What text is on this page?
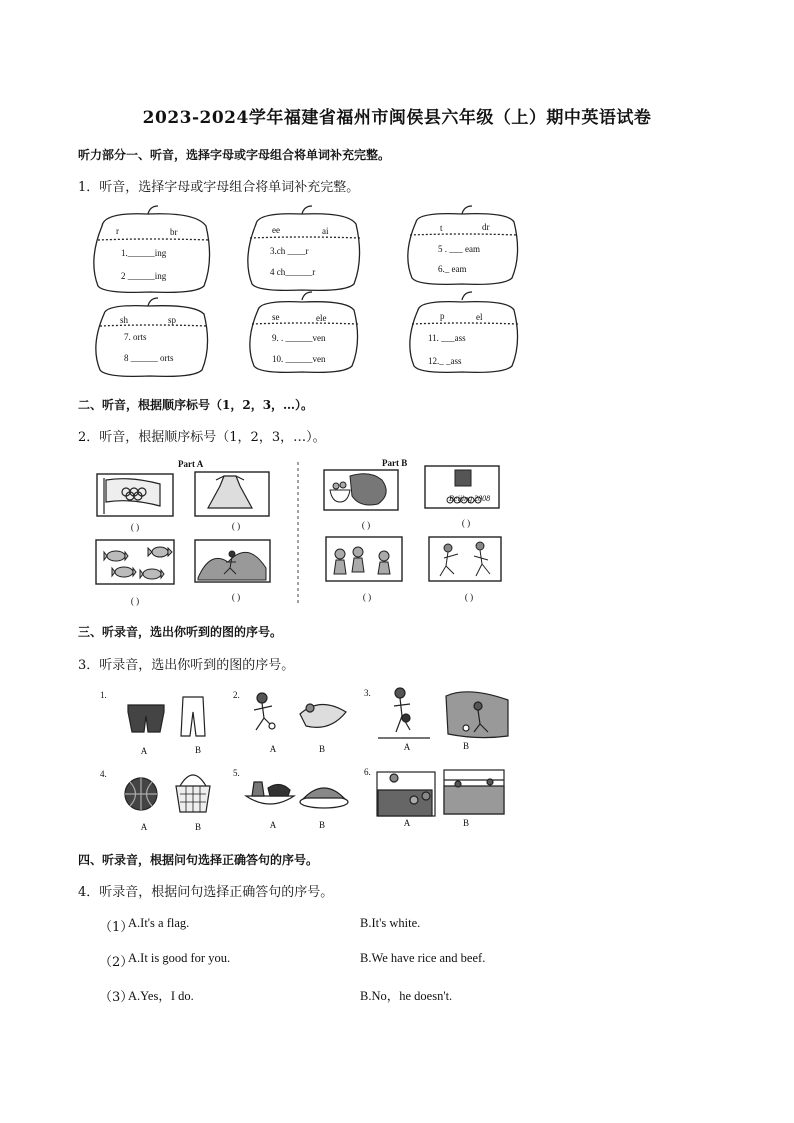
2023-2024学年福建省福州市闽侯县六年级（上）期中英语试卷
听力部分一、听音，选择字母或字母组合将单词补充完整。
1．听音，选择字母或字母组合将单词补充完整。
r	br
1.______ing
2 ______ing
ee	ai
3.ch ____r
4 ch______r
t	dr
5 . ___ eam
6._ eam
sh	sp
7. orts
8 ______ orts
se	ele
9. . ______ven
10. ______ven
p	el
11. ___ass
12._ _ass
二、听音，根据顺序标号（1，2，3，…）。
2．听音，根据顺序标号（1，2，3，…）。
Part A	Part B
Beijing 2008
( )	( )
( )	( )
( )	( )
( )	( )
三、听录音，选出你听到的图的序号。
3．听录音，选出你听到的图的序号。
1.	2.	3.
4.	5.	6.
A	B	A	B	A	B
A	B	A	B	A	B
四、听录音，根据问句选择正确答句的序号。
4．听录音，根据问句选择正确答句的序号。
（1）
A.It's a flag.	B.It's white.
（2）
A.It is good for you.	B.We have rice and beef.
（3）
A.Yes，I do.	B.No，he doesn't.
